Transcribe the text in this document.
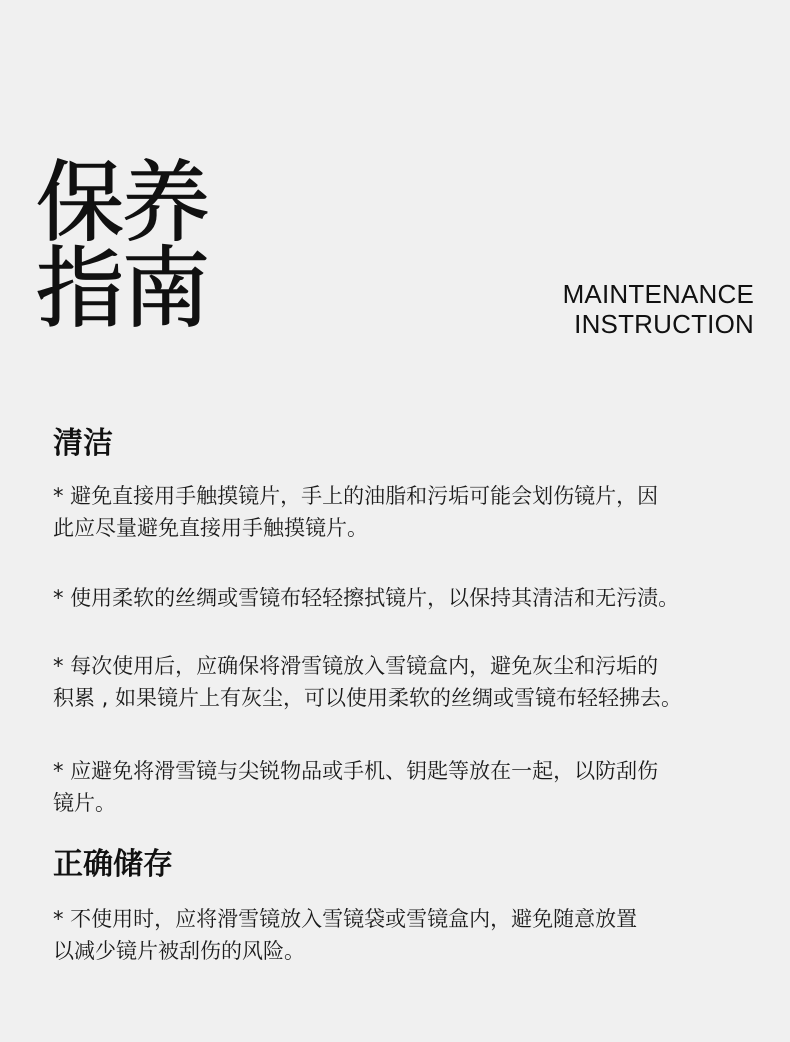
保养
指南	MAINTENANCE
INSTRUCTION
清洁
* 避免直接用手触摸镜片，手上的油脂和污垢可能会划伤镜片，因
此应尽量避免直接用手触摸镜片。
* 使用柔软的丝绸或雪镜布轻轻擦拭镜片，以保持其清洁和无污渍。
* 每次使用后，应确保将滑雪镜放入雪镜盒内，避免灰尘和污垢的
积累 , 如果镜片上有灰尘，可以使用柔软的丝绸或雪镜布轻轻拂去。
* 应避免将滑雪镜与尖锐物品或手机、钥匙等放在一起，以防刮伤
镜片。
正确储存
* 不使用时，应将滑雪镜放入雪镜袋或雪镜盒内，避免随意放置
以减少镜片被刮伤的风险。
